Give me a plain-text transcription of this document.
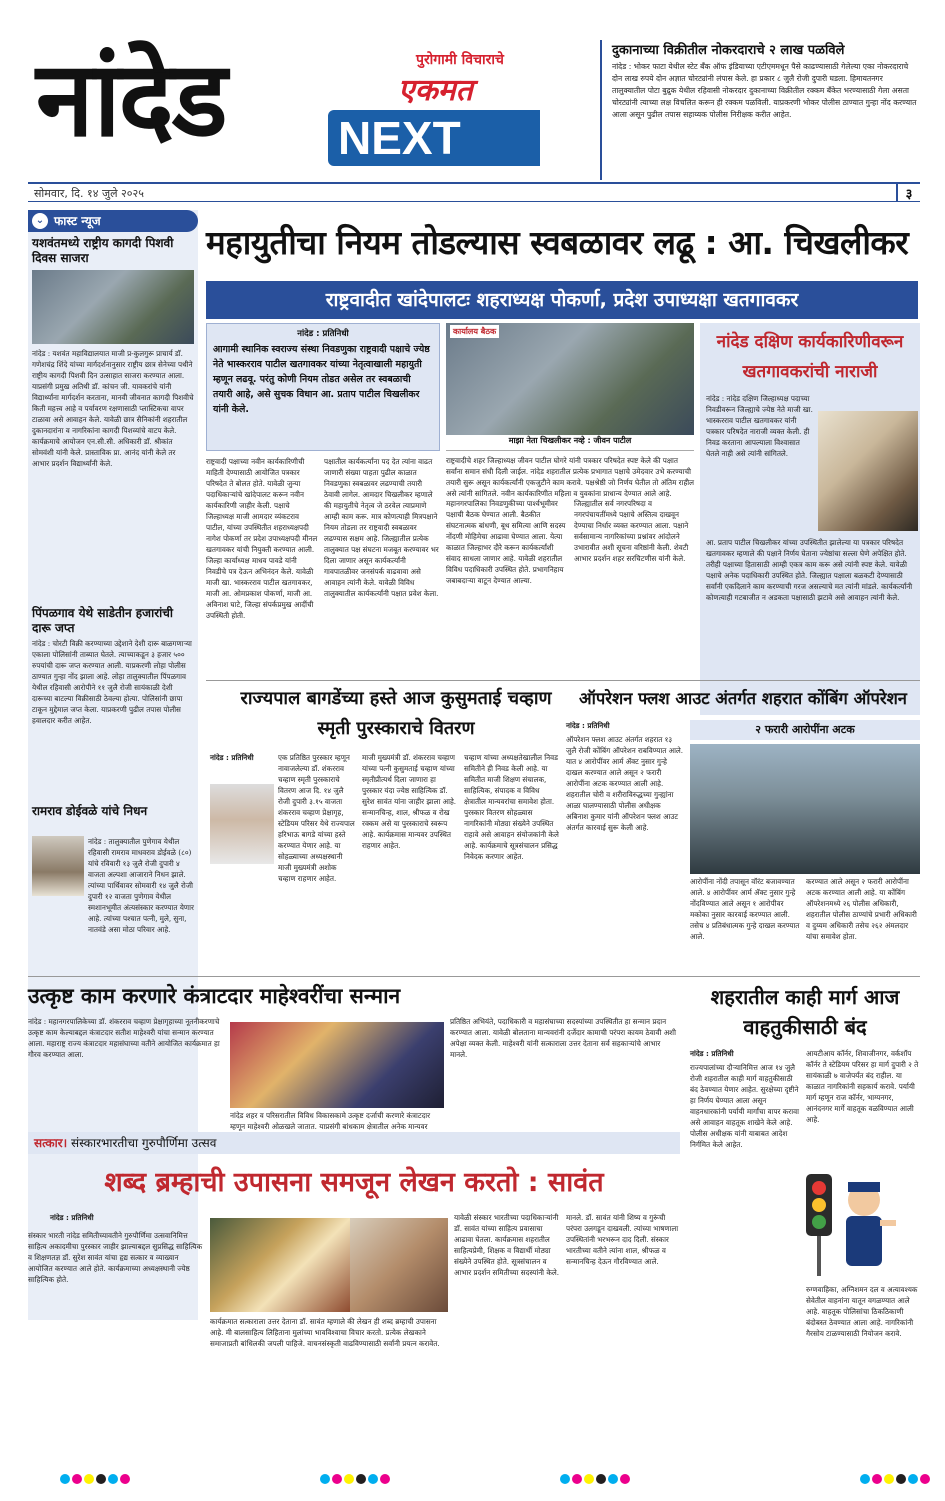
नांदेड	पुरोगामी विचाराचे
एकमत
NEXT
दुकानाच्या विक्रीतील नोकरदाराचे २ लाख पळविले

नांदेड : भोकर फाटा येथील स्टेट बँक ऑफ इंडियाच्या एटीएममधून पैसे काढण्यासाठी गेलेल्या एका नोकरदाराचे दोन लाख रुपये दोन अज्ञात चोरट्यांनी लंपास केले. हा प्रकार ८ जुलै रोजी दुपारी घडला. हिमायतनगर तालुक्यातील पोटा बुद्रुक येथील रहिवासी नोकरदार दुकानाच्या विक्रीतील रक्कम बँकेत भरण्यासाठी गेला असता चोरट्यांनी त्याच्या लक्ष विचलित करून ही रक्कम पळविली. याप्रकरणी भोकर पोलीस ठाण्यात गुन्हा नोंद करण्यात आला असून पुढील तपास सहाय्यक पोलीस निरीक्षक करीत आहेत.

सोमवार, दि. १४ जुले २०२५	३
⌄ फास्ट न्यूज
यशवंतमध्ये राष्ट्रीय कागदी पिशवी दिवस साजरा
नांदेड : यशवंत महाविद्यालयात माजी प्र-कुलगुरू प्राचार्य डॉ. गणेशचंद्र शिंदे यांच्या मार्गदर्शनानुसार राष्ट्रीय छात्र सेनेच्या पथीने राष्ट्रीय कागदी पिशवी दिन उत्साहात साजरा करण्यात आला. याप्रसंगी प्रमुख अतिथी डॉ. कांचन जी. यावकरांचे यांनी विद्यार्थ्यांना मार्गदर्शन करताना, मानवी जीवनात कागदी पिशवीचे किती महत्त्व आहे व पर्यावरण रक्षणासाठी प्लास्टिकचा वापर टाळावा असे आवाहन केले. यावेळी छात्र सैनिकांनी शहरातील दुकानदारांना व नागरिकांना कागदी पिशव्यांचे वाटप केले. कार्यक्रमाचे आयोजन एन.सी.सी. अधिकारी डॉ. श्रीकांत सोमवंशी यांनी केले. प्रास्ताविक प्रा. आनंद यांनी केले तर आभार प्रदर्शन विद्यार्थ्यांनी केले.
पिंपळगाव येथे साडेतीन हजारांची दारू जप्त
नांदेड : चोरटी विक्री करण्याच्या उद्देशाने देशी दारू बाळगणाऱ्या एकाला पोलिसांनी ताब्यात घेतले. त्याच्याकडून ३ हजार ५०० रुपयांची दारू जप्त करण्यात आली. याप्रकरणी लोहा पोलीस ठाण्यात गुन्हा नोंद झाला आहे. लोहा तालुक्यातील पिंपळगाव येथील रहिवासी आरोपीने ११ जुलै रोजी सायंकाळी देशी दारूच्या बाटल्या विक्रीसाठी ठेवल्या होत्या. पोलिसांनी छापा टाकून मुद्देमाल जप्त केला. याप्रकरणी पुढील तपास पोलीस हवालदार करीत आहेत.
रामराव डोईवळे यांचे निधन
नांदेड : तालुक्यातील पुणेगाव येथील रहिवासी रामराव माधवराव डोईवळे (८०) यांचे रविवारी १३ जुलै रोजी दुपारी ४ वाजता अल्पशा आजाराने निधन झाले. त्यांच्या पार्थिवावर सोमवारी १४ जुलै रोजी दुपारी १२ वाजता पुणेगाव येथील स्मशानभूमीत अंत्यसंस्कार करण्यात येणार आहे. त्यांच्या पश्चात पत्नी, मुले, सुना, नातवंडे असा मोठा परिवार आहे.
महायुतीचा नियम तोडल्यास स्वबळावर लढू : आ. चिखलीकर
राष्ट्रवादीत खांदेपालटः शहराध्यक्ष पोकर्णा, प्रदेश उपाध्यक्षा खतगावकर
नांदेड : प्रतिनिधी
आगामी स्थानिक स्वराज्य संस्था निवडणुका राष्ट्रवादी पक्षाचे ज्येष्ठ नेते भास्करराव पाटील खतगावकर यांच्या नेतृत्वाखाली महायुती म्हणून लढवू. परंतु कोणी नियम तोडत असेल तर स्वबळाची तयारी आहे, असे सुचक विधान आ. प्रताप पाटील चिखलीकर यांनी केले.
राष्ट्रवादी पक्षाच्या नवीन कार्यकारिणीची माहिती देण्यासाठी आयोजित पत्रकार परिषदेत ते बोलत होते. यावेळी जुन्या पदाधिकाऱ्यांचे खांदेपालट करून नवीन कार्यकारिणी जाहीर केली. पक्षाचे जिल्हाध्यक्ष माजी आमदार व्यंकटराव पाटील, यांच्या उपस्थितीत शहराध्यक्षपदी नागेश पोकर्णा तर प्रदेश उपाध्यक्षपदी मीनल खतगावकर यांची नियुक्ती करण्यात आली. जिल्हा कार्याध्यक्ष माधव पावडे यांनी निवडीचे पत्र देऊन अभिनंदन केले. यावेळी माजी खा. भास्करराव पाटील खतगावकर, माजी आ. ओमप्रकाश पोकर्णा, माजी आ. अविनाश घाटे, जिल्हा संपर्कप्रमुख आदींची उपस्थिती होती.
पक्षातील कार्यकर्त्यांना पद देत त्यांना वाढत जाणारी संख्या पाहता पुढील काळात निवडणुका स्वबळावर लढण्याची तयारी ठेवावी लागेल. आमदार चिखलीकर म्हणाले की महायुतीचे नेतृत्व जे ठरवेल त्याप्रमाणे आम्ही काम करू. मात्र कोणत्याही मित्रपक्षाने नियम तोडला तर राष्ट्रवादी स्वबळावर लढण्यास सक्षम आहे. जिल्ह्यातील प्रत्येक तालुक्यात पक्ष संघटना मजबूत करण्यावर भर दिला जाणार असून कार्यकर्त्यांनी गावपातळीवर जनसंपर्क वाढवावा असे आवाहन त्यांनी केले. यावेळी विविध तालुक्यातील कार्यकर्त्यांनी पक्षात प्रवेश केला.
कार्यालय बैठक
माझा नेता चिखलीकर नव्हे : जीवन पाटील
राष्ट्रवादीचे शहर जिल्हाध्यक्ष जीवन पाटील घोगरे यांनी पत्रकार परिषदेत स्पष्ट केले की पक्षात सर्वांना समान संधी दिली जाईल. नांदेड शहरातील प्रत्येक प्रभागात पक्षाचे उमेदवार उभे करण्याची तयारी सुरू असून कार्यकर्त्यांनी एकजुटीने काम करावे. पक्षश्रेष्ठी जो निर्णय घेतील तो अंतिम राहील असे त्यांनी सांगितले. नवीन कार्यकारिणीत महिला व युवकांना प्राधान्य देण्यात आले आहे.
महानगरपालिका निवडणुकीच्या पार्श्वभूमीवर पक्षाची बैठक घेण्यात आली. बैठकीत संघटनात्मक बांधणी, बूथ समित्या आणि सदस्य नोंदणी मोहिमेचा आढावा घेण्यात आला. येत्या काळात जिल्हाभर दौरे करून कार्यकर्त्यांशी संवाद साधला जाणार आहे. यावेळी शहरातील विविध पदाधिकारी उपस्थित होते. प्रभागनिहाय जबाबदाऱ्या वाटून देण्यात आल्या.
जिल्ह्यातील सर्व नगरपरिषदा व नगरपंचायतींमध्ये पक्षाचे अस्तित्व दाखवून देण्याचा निर्धार व्यक्त करण्यात आला. पक्षाने सर्वसामान्य नागरिकांच्या प्रश्नांवर आंदोलने उभारावीत अशी सूचना वरिष्ठांनी केली. शेवटी आभार प्रदर्शन शहर सरचिटणीस यांनी केले.
नांदेड दक्षिण कार्यकारिणीवरून खतगावकरांची नाराजी
नांदेड : नांदेड दक्षिण जिल्हाध्यक्ष पदाच्या निवडीवरून जिल्ह्याचे ज्येष्ठ नेते माजी खा. भास्करराव पाटील खतगावकर यांनी पत्रकार परिषदेत नाराजी व्यक्त केली. ही निवड करताना आपल्याला विश्वासात घेतले नाही असे त्यांनी सांगितले.
आ. प्रताप पाटील चिखलीकर यांच्या उपस्थितीत झालेल्या या पत्रकार परिषदेत खतगावकर म्हणाले की पक्षाने निर्णय घेताना ज्येष्ठांचा सल्ला घेणे अपेक्षित होते. तरीही पक्षाच्या हितासाठी आम्ही एकत्र काम करू असे त्यांनी स्पष्ट केले. यावेळी पक्षाचे अनेक पदाधिकारी उपस्थित होते. जिल्ह्यात पक्षाला बळकटी देण्यासाठी सर्वांनी एकदिलाने काम करण्याची गरज असल्याचे मत त्यांनी मांडले. कार्यकर्त्यांनी कोणत्याही गटबाजीत न अडकता पक्षासाठी झटावे असे आवाहन त्यांनी केले.
राज्यपाल बागडेंच्या हस्ते आज कुसुमताई चव्हाण स्मृती पुरस्काराचे वितरण
नांदेड : प्रतिनिधी	एक प्रतिष्ठित पुरस्कार म्हणून नावाजलेल्या डॉ. शंकरराव चव्हाण स्मृती पुरस्काराचे वितरण आज दि. १४ जुलै रोजी दुपारी ३.१५ वाजता शंकरराव चव्हाण प्रेक्षागृह, स्टेडियम परिसर येथे राज्यपाल हरिभाऊ बागडे यांच्या हस्ते करण्यात येणार आहे. या सोहळ्याच्या अध्यक्षस्थानी माजी मुख्यमंत्री अशोक चव्हाण राहणार आहेत.
माजी मुख्यमंत्री डॉ. शंकरराव चव्हाण यांच्या पत्नी कुसुमताई चव्हाण यांच्या स्मृतीप्रीत्यर्थ दिला जाणारा हा पुरस्कार यंदा ज्येष्ठ साहित्यिक डॉ. सुरेश सावंत यांना जाहीर झाला आहे. सन्मानचिन्ह, शाल, श्रीफळ व रोख रक्कम असे या पुरस्काराचे स्वरूप आहे. कार्यक्रमास मान्यवर उपस्थित राहणार आहेत.
चव्हाण यांच्या अध्यक्षतेखालील निवड समितीने ही निवड केली आहे. या समितीत माजी शिक्षण संचालक, साहित्यिक, संपादक व विविध क्षेत्रातील मान्यवरांचा समावेश होता. पुरस्कार वितरण सोहळ्यास नागरिकांनी मोठ्या संख्येने उपस्थित राहावे असे आवाहन संयोजकांनी केले आहे. कार्यक्रमाचे सूत्रसंचालन प्रसिद्ध निवेदक करणार आहेत.
ऑपरेशन फ्लश आउट अंतर्गत शहरात कोंबिंग ऑपरेशन
नांदेड : प्रतिनिधी
ऑपरेशन फ्लश आउट अंतर्गत शहरात १३ जुलै रोजी कोंबिंग ऑपरेशन राबविण्यात आले. यात ४ आरोपींवर आर्म ॲक्ट नुसार गुन्हे दाखल करण्यात आले असून २ फरारी आरोपींना अटक करण्यात आली आहे. शहरातील चोरी व शरीराविरुद्धच्या गुन्ह्यांना आळा घालण्यासाठी पोलीस अधीक्षक अबिनाश कुमार यांनी ऑपरेशन फ्लश आउट अंतर्गत कारवाई सुरू केली आहे.
२ फरारी आरोपींना अटक
आरोपींना नोंदी तपासून वॉरंट बजावण्यात आले. ४ आरोपींवर आर्म ॲक्ट नुसार गुन्हे नोंदविण्यात आले असून १ आरोपीवर मकोका नुसार कारवाई करण्यात आली. तसेच ४ प्रतिबंधात्मक गुन्हे दाखल करण्यात आले.
करण्यात आले असून २ फरारी आरोपींना अटक करण्यात आली आहे. या कोंबिंग ऑपरेशनमध्ये २६ पोलीस अधिकारी, शहरातील पोलीस ठाण्यांचे प्रभारी अधिकारी व दुय्यम अधिकारी तसेच २६२ अंमलदार यांचा समावेश होता.
उत्कृष्ट काम करणारे कंत्राटदार माहेश्वरींचा सन्मान
नांदेड : महानगरपालिकेच्या डॉ. शंकरराव चव्हाण प्रेक्षागृहाच्या नूतनीकरणाचे उत्कृष्ट काम केल्याबद्दल कंत्राटदार सतीश माहेश्वरी यांचा सन्मान करण्यात आला. महाराष्ट्र राज्य कंत्राटदार महासंघाच्या वतीने आयोजित कार्यक्रमात हा गौरव करण्यात आला.
नांदेड शहर व परिसरातील विविध विकासकामे उत्कृष्ट दर्जाची करणारे कंत्राटदार म्हणून माहेश्वरी ओळखले जातात. याप्रसंगी बांधकाम क्षेत्रातील अनेक मान्यवर
प्रतिष्ठित अभियंते, पदाधिकारी व महासंघाच्या सदस्यांच्या उपस्थितीत हा सन्मान प्रदान करण्यात आला. यावेळी बोलताना मान्यवरांनी दर्जेदार कामाची परंपरा कायम ठेवावी अशी अपेक्षा व्यक्त केली. माहेश्वरी यांनी सत्काराला उत्तर देताना सर्व सहकाऱ्यांचे आभार मानले.
शहरातील काही मार्ग आज वाहतुकीसाठी बंद
नांदेड : प्रतिनिधी
राज्यपालांच्या दौऱ्यानिमित्त आज १४ जुलै रोजी शहरातील काही मार्ग वाहतुकीसाठी बंद ठेवण्यात येणार आहेत. सुरक्षेच्या दृष्टीने हा निर्णय घेण्यात आला असून वाहनधारकांनी पर्यायी मार्गांचा वापर करावा असे आवाहन वाहतूक शाखेने केले आहे. पोलीस अधीक्षक यांनी याबाबत आदेश निर्गमित केले आहेत.
आयटीआय कॉर्नर, शिवाजीनगर, वर्कशॉप कॉर्नर ते स्टेडियम परिसर हा मार्ग दुपारी २ ते सायंकाळी ७ वाजेपर्यंत बंद राहील. या काळात नागरिकांनी सहकार्य करावे. पर्यायी मार्ग म्हणून राज कॉर्नर, भाग्यनगर, आनंदनगर मार्गे वाहतूक वळविण्यात आली आहे.
रुग्णवाहिका, अग्निशमन दल व अत्यावश्यक सेवेतील वाहनांना यातून वगळण्यात आले आहे. वाहतूक पोलिसांचा ठिकठिकाणी बंदोबस्त ठेवण्यात आला आहे. नागरिकांनी गैरसोय टाळण्यासाठी नियोजन करावे.
सत्कार। संस्कारभारतीचा गुरुपौर्णिमा उत्सव
शब्द ब्रम्हाची उपासना समजून लेखन करतो : सावंत
नांदेड : प्रतिनिधी
संस्कार भारती नांदेड समितीच्यावतीने गुरुपौर्णिमा उत्सवानिमित्त साहित्य अकादमीचा पुरस्कार जाहीर झाल्याबद्दल सुप्रसिद्ध साहित्यिक व शिक्षणतज्ञ डॉ. सुरेश सावंत यांचा हृद्य सत्कार व व्याख्यान आयोजित करण्यात आले होते. कार्यक्रमाच्या अध्यक्षस्थानी ज्येष्ठ साहित्यिक होते.
कार्यक्रमात सत्काराला उत्तर देताना डॉ. सावंत म्हणाले की लेखन ही शब्द ब्रम्हाची उपासना आहे. मी बालसाहित्य लिहिताना मुलांच्या भावविश्वाचा विचार करतो. प्रत्येक लेखकाने समाजाप्रती बांधिलकी जपली पाहिजे. वाचनसंस्कृती वाढविण्यासाठी सर्वांनी प्रयत्न करावेत.
यावेळी संस्कार भारतीच्या पदाधिकाऱ्यांनी डॉ. सावंत यांच्या साहित्य प्रवासाचा आढावा घेतला. कार्यक्रमास शहरातील साहित्यप्रेमी, शिक्षक व विद्यार्थी मोठ्या संख्येने उपस्थित होते. सूत्रसंचालन व आभार प्रदर्शन समितीच्या सदस्यांनी केले.
मानले. डॉ. सावंत यांनी शिष्य व गुरूंची परंपरा उलगडून दाखवली. त्यांच्या भाषणाला उपस्थितांनी भरभरून दाद दिली. संस्कार भारतीच्या वतीने त्यांना शाल, श्रीफळ व सन्मानचिन्ह देऊन गौरविण्यात आले.
